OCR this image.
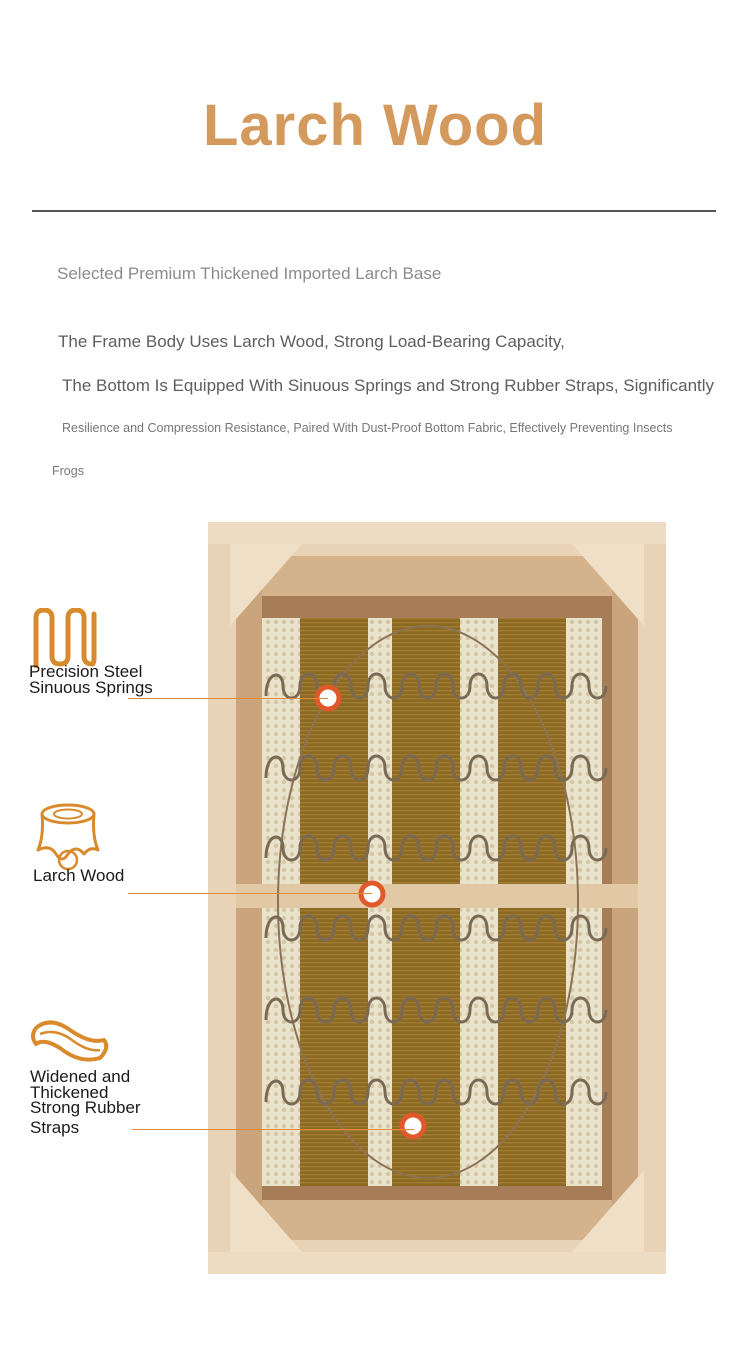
Larch Wood
Selected Premium Thickened Imported Larch Base
The Frame Body Uses Larch Wood, Strong Load-Bearing Capacity,
The Bottom Is Equipped With Sinuous Springs and Strong Rubber Straps, Significantly
Resilience and Compression Resistance, Paired With Dust-Proof Bottom Fabric, Effectively Preventing Insects
Frogs
Precision Steel
Sinuous Springs
Larch Wood
Widened and
Thickened
Strong Rubber
Straps
